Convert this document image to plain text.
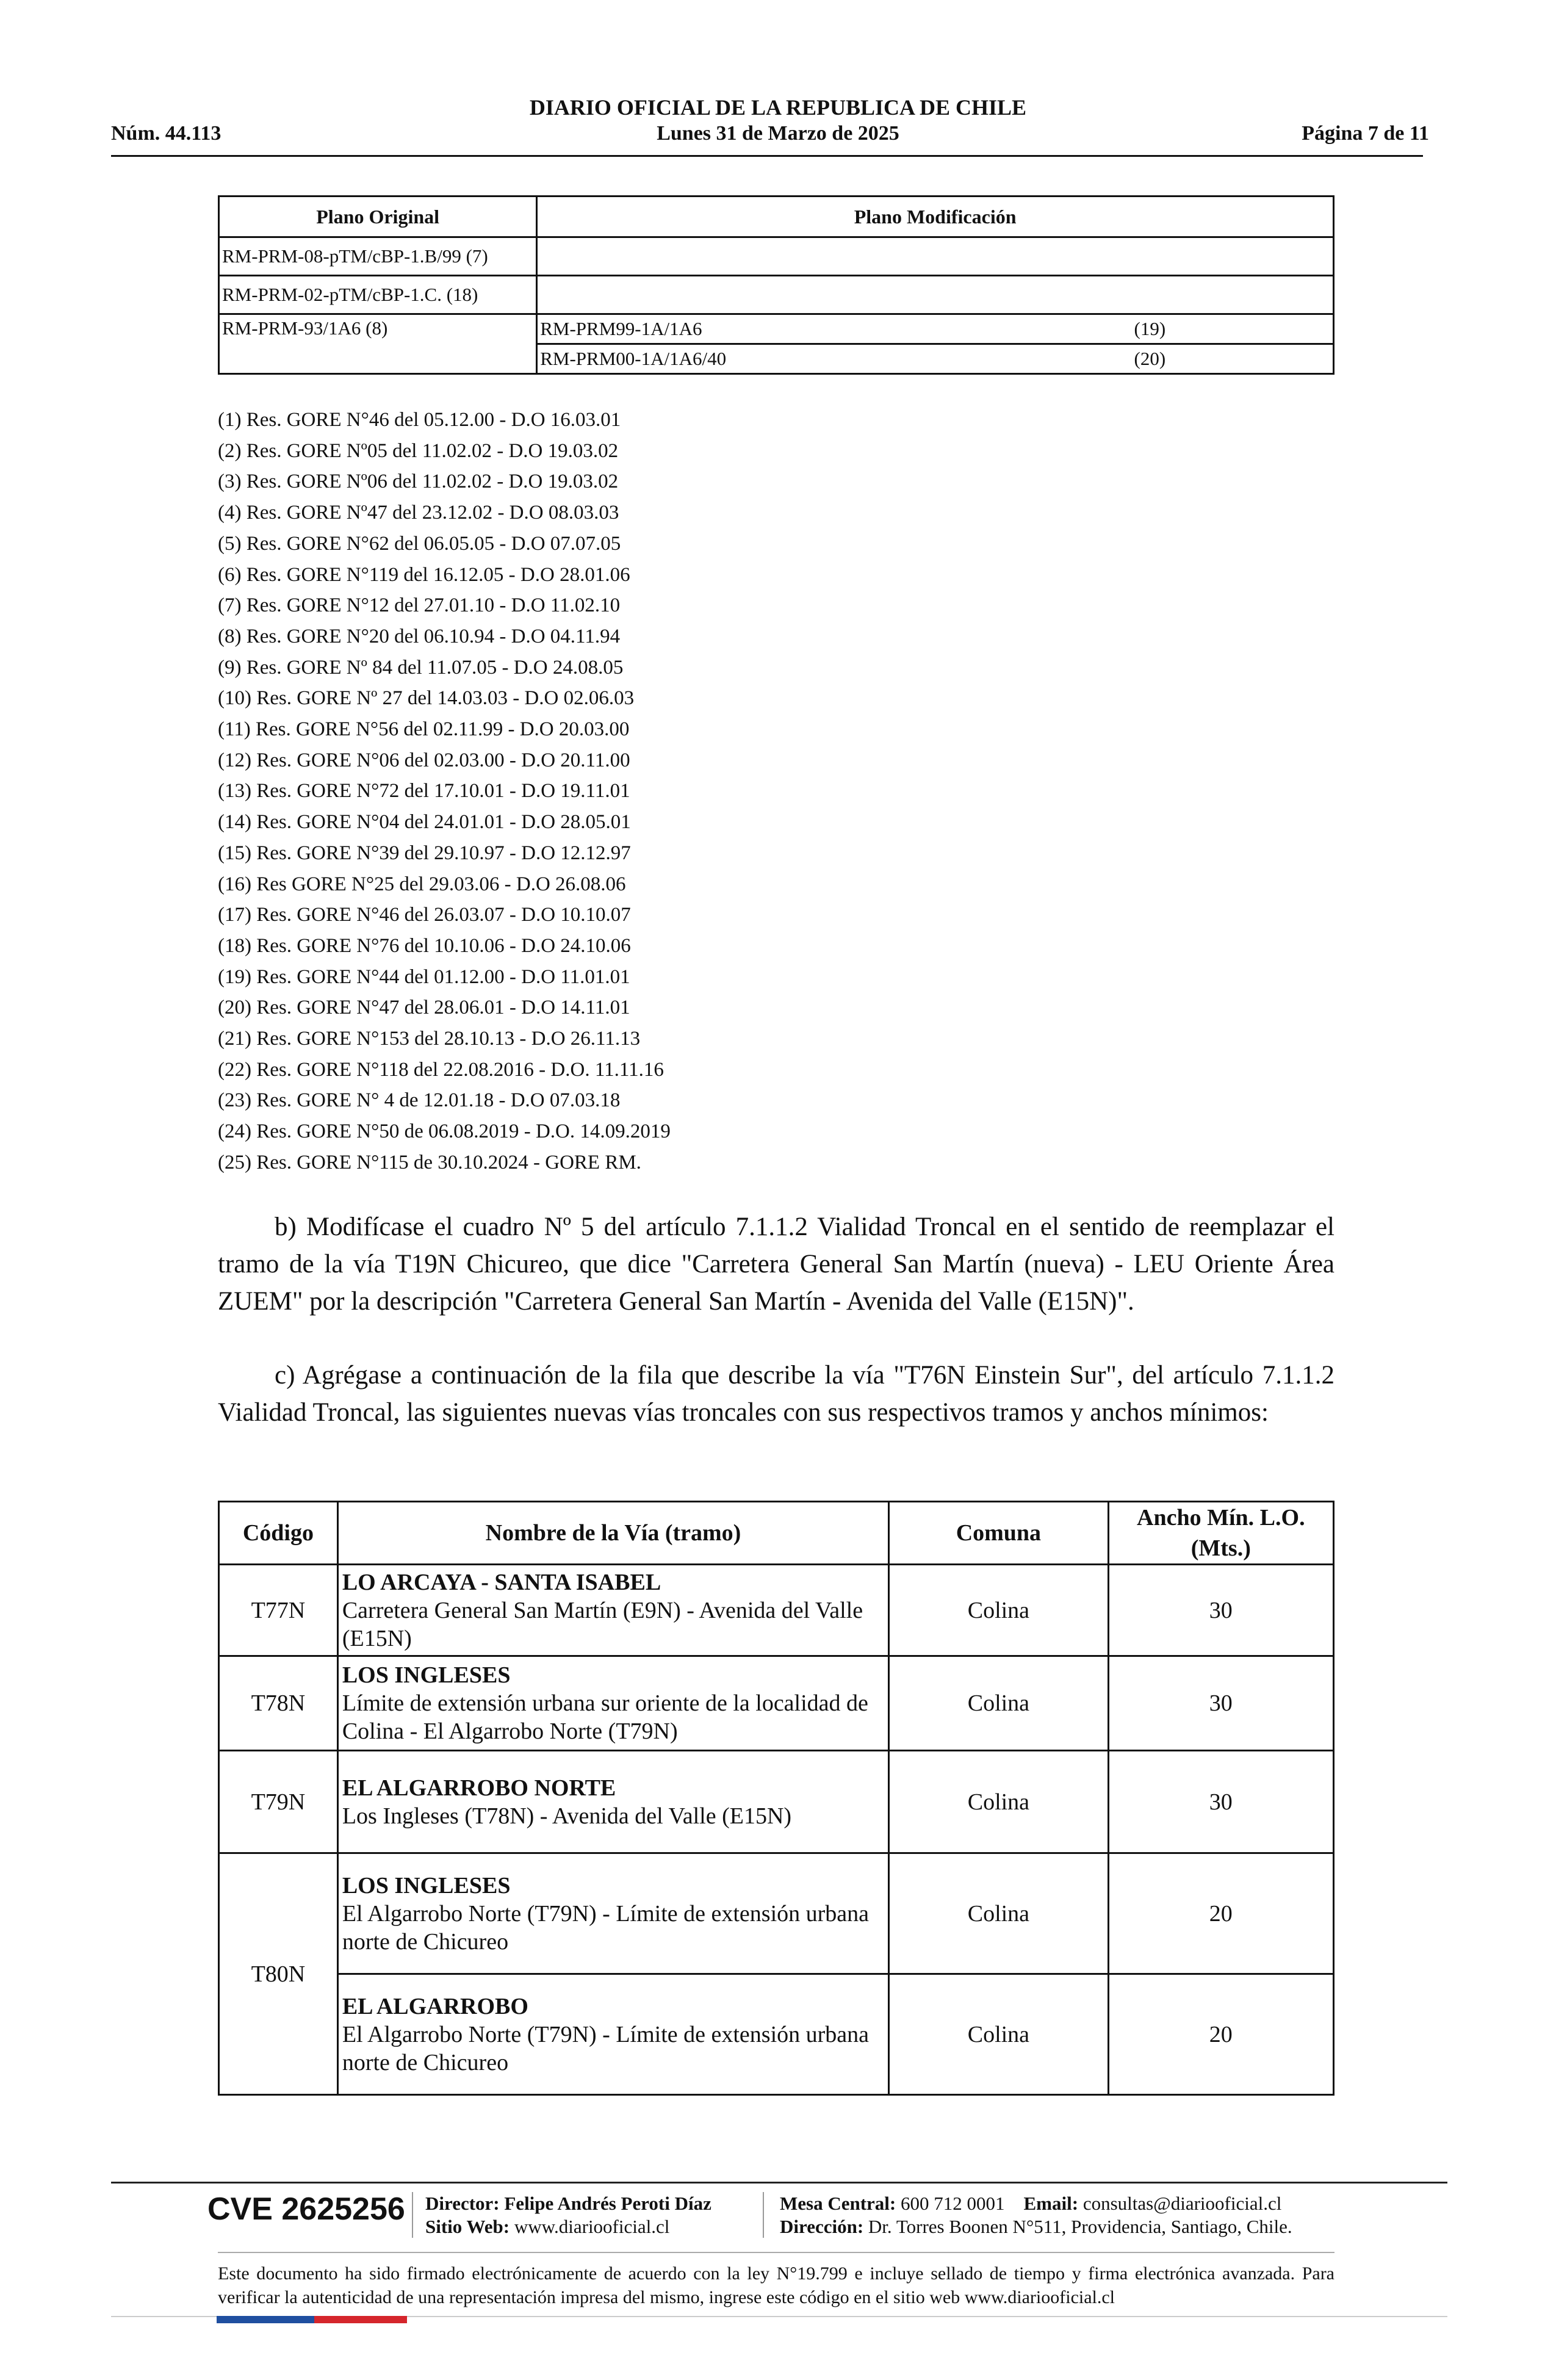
DIARIO OFICIAL DE LA REPUBLICA DE CHILE
Núm. 44.113	Lunes 31 de Marzo de 2025	Página 7 de 11
Plano Original	Plano Modificación
RM-PRM-08-pTM/cBP-1.B/99 (7)	
RM-PRM-02-pTM/cBP-1.C. (18)	
RM-PRM-93/1A6 (8)	RM-PRM99-1A/1A6 (19)

	RM-PRM00-1A/1A6/40 (20)
(1) Res. GORE N°46 del 05.12.00 - D.O 16.03.01
(2) Res. GORE Nº05 del 11.02.02 - D.O 19.03.02
(3) Res. GORE Nº06 del 11.02.02 - D.O 19.03.02
(4) Res. GORE Nº47 del 23.12.02 - D.O 08.03.03
(5) Res. GORE N°62 del 06.05.05 - D.O 07.07.05
(6) Res. GORE N°119 del 16.12.05 - D.O 28.01.06
(7) Res. GORE N°12 del 27.01.10 - D.O 11.02.10
(8) Res. GORE N°20 del 06.10.94 - D.O 04.11.94
(9) Res. GORE Nº 84 del 11.07.05 - D.O 24.08.05
(10) Res. GORE Nº 27 del 14.03.03 - D.O 02.06.03
(11) Res. GORE N°56 del 02.11.99 - D.O 20.03.00
(12) Res. GORE N°06 del 02.03.00 - D.O 20.11.00
(13) Res. GORE N°72 del 17.10.01 - D.O 19.11.01
(14) Res. GORE N°04 del 24.01.01 - D.O 28.05.01
(15) Res. GORE N°39 del 29.10.97 - D.O 12.12.97
(16) Res GORE N°25 del 29.03.06 - D.O 26.08.06
(17) Res. GORE N°46 del 26.03.07 - D.O 10.10.07
(18) Res. GORE N°76 del 10.10.06 - D.O 24.10.06
(19) Res. GORE N°44 del 01.12.00 - D.O 11.01.01
(20) Res. GORE N°47 del 28.06.01 - D.O 14.11.01
(21) Res. GORE N°153 del 28.10.13 - D.O 26.11.13
(22) Res. GORE N°118 del 22.08.2016 - D.O. 11.11.16
(23) Res. GORE N° 4 de 12.01.18 - D.O 07.03.18
(24) Res. GORE N°50 de 06.08.2019 - D.O. 14.09.2019
(25) Res. GORE N°115 de 30.10.2024 - GORE RM.
b) Modifícase el cuadro Nº 5 del artículo 7.1.1.2 Vialidad Troncal en el sentido de reemplazar el tramo de la vía T19N Chicureo, que dice "Carretera General San Martín (nueva) - LEU Oriente Área ZUEM" por la descripción "Carretera General San Martín - Avenida del Valle (E15N)".
c) Agrégase a continuación de la fila que describe la vía "T76N Einstein Sur", del artículo 7.1.1.2 Vialidad Troncal, las siguientes nuevas vías troncales con sus respectivos tramos y anchos mínimos:
Código	Nombre de la Vía (tramo)	Comuna	Ancho Mín. L.O. (Mts.)
T77N	LO ARCAYA - SANTA ISABEL
Carretera General San Martín (E9N) - Avenida del Valle (E15N)	Colina	30
T78N	LOS INGLESES
Límite de extensión urbana sur oriente de la localidad de Colina - El Algarrobo Norte (T79N)	Colina	30
T79N	EL ALGARROBO NORTE
Los Ingleses (T78N) - Avenida del Valle (E15N)	Colina	30
T80N	LOS INGLESES
El Algarrobo Norte (T79N) - Límite de extensión urbana norte de Chicureo	Colina	20

	EL ALGARROBO
El Algarrobo Norte (T79N) - Límite de extensión urbana norte de Chicureo	Colina	20
CVE 2625256 Director: Felipe Andrés Peroti Díaz
Sitio Web: www.diariooficial.cl
Mesa Central: 600 712 0001 Email: consultas@diariooficial.cl
Dirección: Dr. Torres Boonen N°511, Providencia, Santiago, Chile.
Este documento ha sido firmado electrónicamente de acuerdo con la ley N°19.799 e incluye sellado de tiempo y firma electrónica avanzada. Para verificar la autenticidad de una representación impresa del mismo, ingrese este código en el sitio web www.diariooficial.cl
